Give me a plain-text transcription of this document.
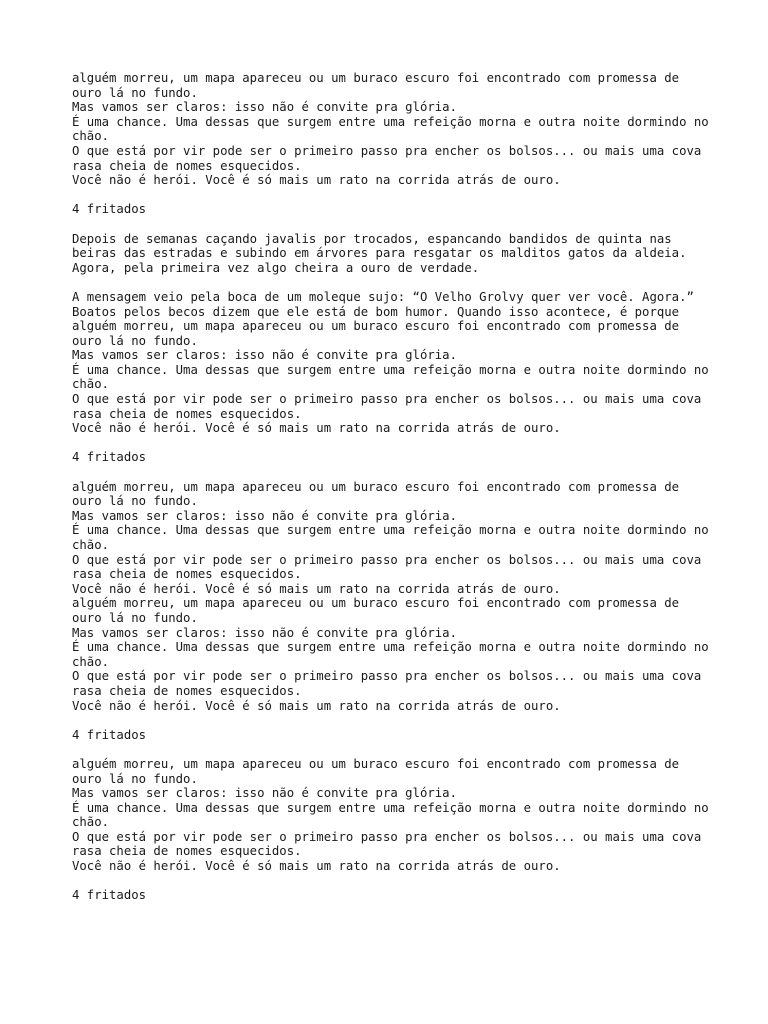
alguém morreu, um mapa apareceu ou um buraco escuro foi encontrado com promessa de ouro lá no fundo.
Mas vamos ser claros: isso não é convite pra glória.
É uma chance. Uma dessas que surgem entre uma refeição morna e outra noite dormindo no chão.
O que está por vir pode ser o primeiro passo pra encher os bolsos... ou mais uma cova rasa cheia de nomes esquecidos.
Você não é herói. Você é só mais um rato na corrida atrás de ouro.
4 fritados
Depois de semanas caçando javalis por trocados, espancando bandidos de quinta nas beiras das estradas e subindo em árvores para resgatar os malditos gatos da aldeia. Agora, pela primeira vez algo cheira a ouro de verdade.
A mensagem veio pela boca de um moleque sujo: “O Velho Grolvy quer ver você. Agora.”
Boatos pelos becos dizem que ele está de bom humor. Quando isso acontece, é porque alguém morreu, um mapa apareceu ou um buraco escuro foi encontrado com promessa de ouro lá no fundo.
Mas vamos ser claros: isso não é convite pra glória.
É uma chance. Uma dessas que surgem entre uma refeição morna e outra noite dormindo no chão.
O que está por vir pode ser o primeiro passo pra encher os bolsos... ou mais uma cova rasa cheia de nomes esquecidos.
Você não é herói. Você é só mais um rato na corrida atrás de ouro.
4 fritados
alguém morreu, um mapa apareceu ou um buraco escuro foi encontrado com promessa de ouro lá no fundo.
Mas vamos ser claros: isso não é convite pra glória.
É uma chance. Uma dessas que surgem entre uma refeição morna e outra noite dormindo no chão.
O que está por vir pode ser o primeiro passo pra encher os bolsos... ou mais uma cova rasa cheia de nomes esquecidos.
Você não é herói. Você é só mais um rato na corrida atrás de ouro.
alguém morreu, um mapa apareceu ou um buraco escuro foi encontrado com promessa de ouro lá no fundo.
Mas vamos ser claros: isso não é convite pra glória.
É uma chance. Uma dessas que surgem entre uma refeição morna e outra noite dormindo no chão.
O que está por vir pode ser o primeiro passo pra encher os bolsos... ou mais uma cova rasa cheia de nomes esquecidos.
Você não é herói. Você é só mais um rato na corrida atrás de ouro.
4 fritados
alguém morreu, um mapa apareceu ou um buraco escuro foi encontrado com promessa de ouro lá no fundo.
Mas vamos ser claros: isso não é convite pra glória.
É uma chance. Uma dessas que surgem entre uma refeição morna e outra noite dormindo no chão.
O que está por vir pode ser o primeiro passo pra encher os bolsos... ou mais uma cova rasa cheia de nomes esquecidos.
Você não é herói. Você é só mais um rato na corrida atrás de ouro.
4 fritados
